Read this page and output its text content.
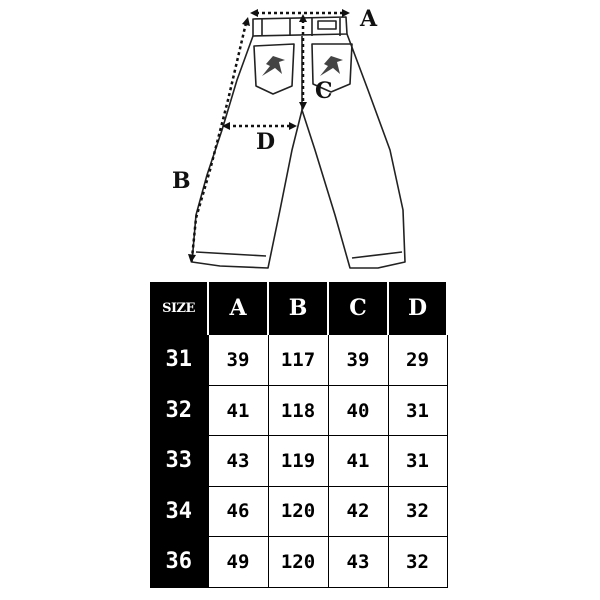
A
B
C
D
SIZE	A	B	C	D
31	39	117	39	29
32	41	118	40	31
33	43	119	41	31
34	46	120	42	32
36	49	120	43	32
